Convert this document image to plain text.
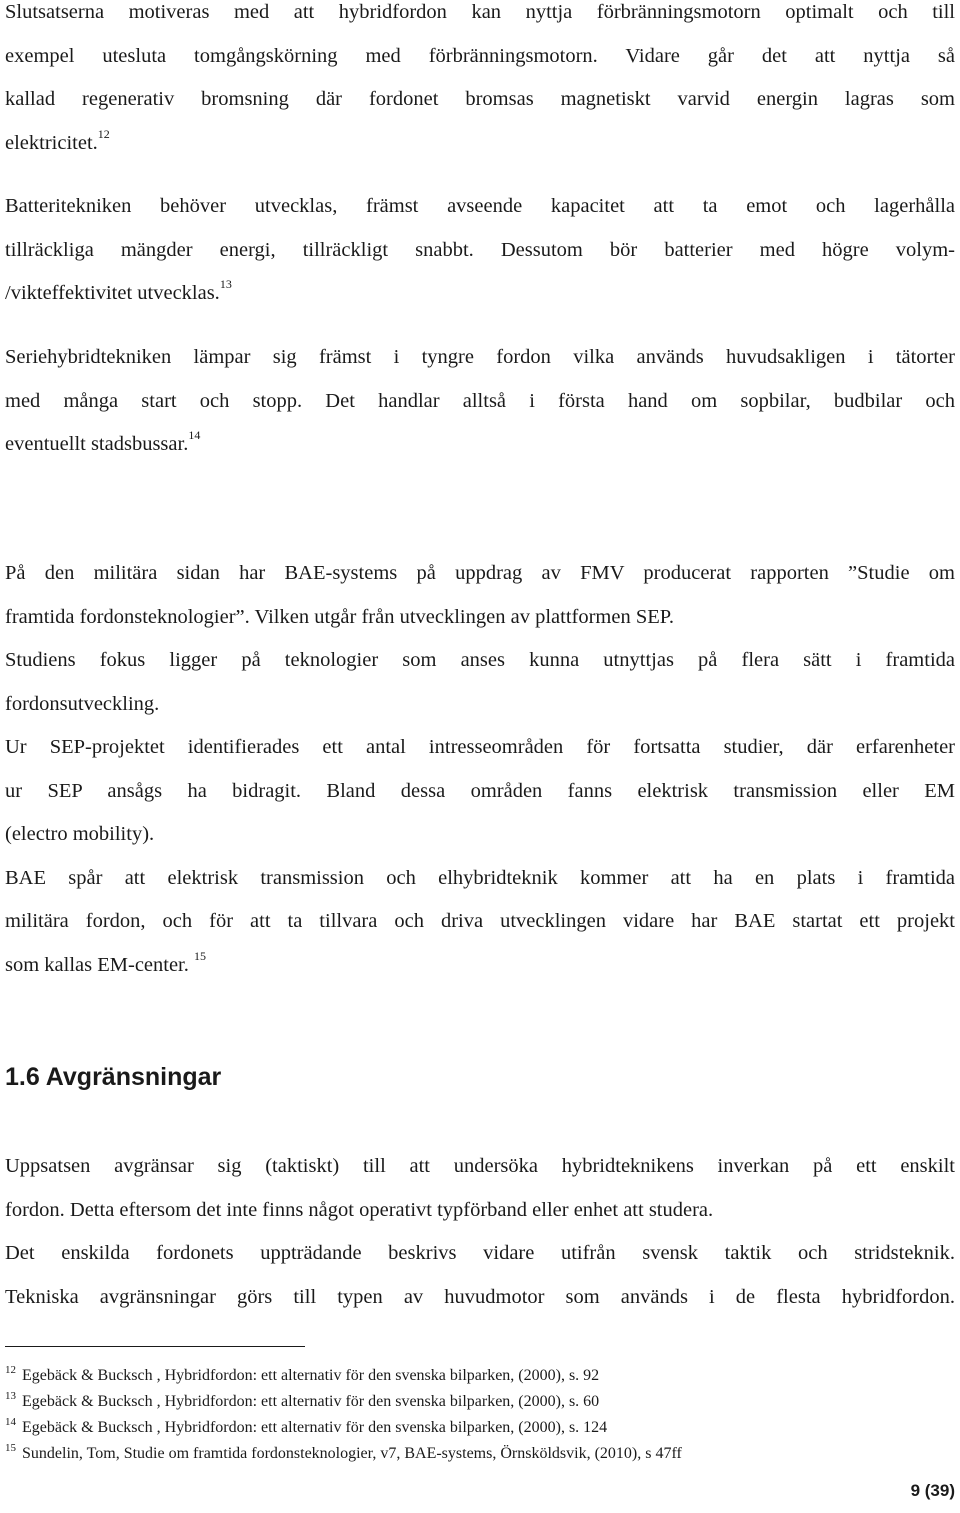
Slutsatserna motiveras med att hybridfordon kan nyttja förbränningsmotorn optimalt och till
exempel utesluta tomgångskörning med förbränningsmotorn. Vidare går det att nyttja så
kallad regenerativ bromsning där fordonet bromsas magnetiskt varvid energin lagras som
elektricitet.$^{12}$
Batteritekniken behöver utvecklas, främst avseende kapacitet att ta emot och lagerhålla
tillräckliga mängder energi, tillräckligt snabbt. Dessutom bör batterier med högre volym-
/vikteffektivitet utvecklas.$^{13}$
Seriehybridtekniken lämpar sig främst i tyngre fordon vilka används huvudsakligen i tätorter
med många start och stopp. Det handlar alltså i första hand om sopbilar, budbilar och
eventuellt stadsbussar.$^{14}$
På den militära sidan har BAE-systems på uppdrag av FMV producerat rapporten ”Studie om
framtida fordonsteknologier”. Vilken utgår från utvecklingen av plattformen SEP.
Studiens fokus ligger på teknologier som anses kunna utnyttjas på flera sätt i framtida
fordonsutveckling.
Ur SEP-projektet identifierades ett antal intresseområden för fortsatta studier, där erfarenheter
ur SEP ansågs ha bidragit. Bland dessa områden fanns elektrisk transmission eller EM
(electro mobility).
BAE spår att elektrisk transmission och elhybridteknik kommer att ha en plats i framtida
militära fordon, och för att ta tillvara och driva utvecklingen vidare har BAE startat ett projekt
som kallas EM-center. $^{15}$
1.6 Avgränsningar
Uppsatsen avgränsar sig (taktiskt) till att undersöka hybridteknikens inverkan på ett enskilt
fordon. Detta eftersom det inte finns något operativt typförband eller enhet att studera.
Det enskilda fordonets uppträdande beskrivs vidare utifrån svensk taktik och stridsteknik.
Tekniska avgränsningar görs till typen av huvudmotor som används i de flesta hybridfordon.

$^{12}$ Egebäck & Bucksch , Hybridfordon: ett alternativ för den svenska bilparken, (2000), s. 92

$^{13}$ Egebäck & Bucksch , Hybridfordon: ett alternativ för den svenska bilparken, (2000), s. 60

$^{14}$ Egebäck & Bucksch , Hybridfordon: ett alternativ för den svenska bilparken, (2000), s. 124

$^{15}$ Sundelin, Tom, Studie om framtida fordonsteknologier, v7, BAE-systems, Örnsköldsvik, (2010), s 47ff

9 (39)
